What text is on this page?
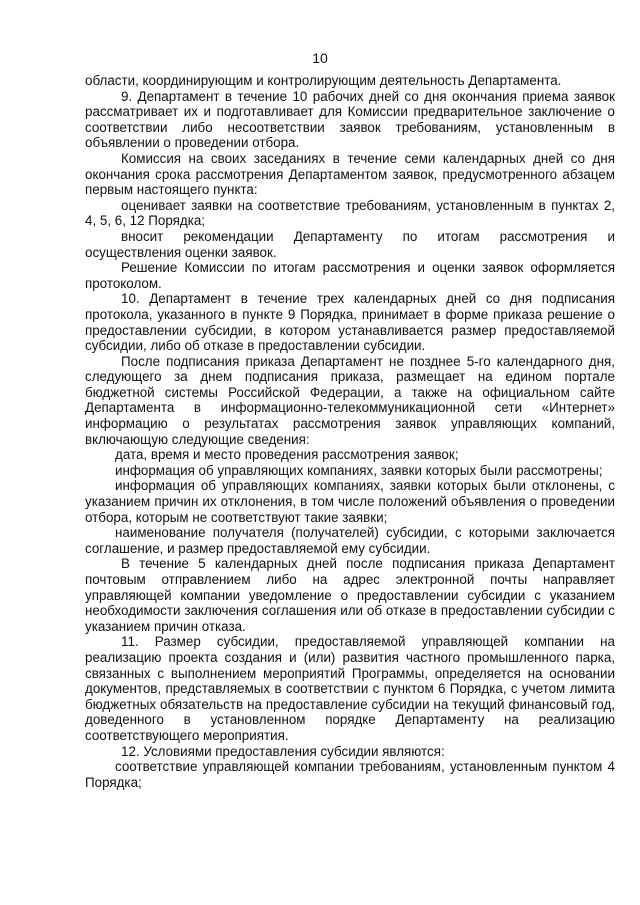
10

области, координирующим и контролирующим деятельность Департамента.

9. Департамент в течение 10 рабочих дней со дня окончания приема заявок рассматривает их и подготавливает для Комиссии предварительное заключение о соответствии либо несоответствии заявок требованиям, установленным в объявлении о проведении отбора.

Комиссия на своих заседаниях в течение семи календарных дней со дня окончания срока рассмотрения Департаментом заявок, предусмотренного абзацем первым настоящего пункта:

оценивает заявки на соответствие требованиям, установленным в пунктах 2, 4, 5, 6, 12 Порядка;

вносит рекомендации Департаменту по итогам рассмотрения и осуществления оценки заявок.

Решение Комиссии по итогам рассмотрения и оценки заявок оформляется протоколом.

10. Департамент в течение трех календарных дней со дня подписания протокола, указанного в пункте 9 Порядка, принимает в форме приказа решение о предоставлении субсидии, в котором устанавливается размер предоставляемой субсидии, либо об отказе в предоставлении субсидии.

После подписания приказа Департамент не позднее 5-го календарного дня, следующего за днем подписания приказа, размещает на едином портале бюджетной системы Российской Федерации, а также на официальном сайте Департамента в информационно-телекоммуникационной сети «Интернет» информацию о результатах рассмотрения заявок управляющих компаний, включающую следующие сведения:

дата, время и место проведения рассмотрения заявок;

информация об управляющих компаниях, заявки которых были рассмотрены;

информация об управляющих компаниях, заявки которых были отклонены, с указанием причин их отклонения, в том числе положений объявления о проведении отбора, которым не соответствуют такие заявки;

наименование получателя (получателей) субсидии, с которыми заключается соглашение, и размер предоставляемой ему субсидии.

В течение 5 календарных дней после подписания приказа Департамент почтовым отправлением либо на адрес электронной почты направляет управляющей компании уведомление о предоставлении субсидии с указанием необходимости заключения соглашения или об отказе в предоставлении субсидии с указанием причин отказа.

11. Размер субсидии, предоставляемой управляющей компании на реализацию проекта создания и (или) развития частного промышленного парка, связанных с выполнением мероприятий Программы, определяется на основании документов, представляемых в соответствии с пунктом 6 Порядка, с учетом лимита бюджетных обязательств на предоставление субсидии на текущий финансовый год, доведенного в установленном порядке Департаменту на реализацию соответствующего мероприятия.

12. Условиями предоставления субсидии являются:

соответствие управляющей компании требованиям, установленным пунктом 4 Порядка;
